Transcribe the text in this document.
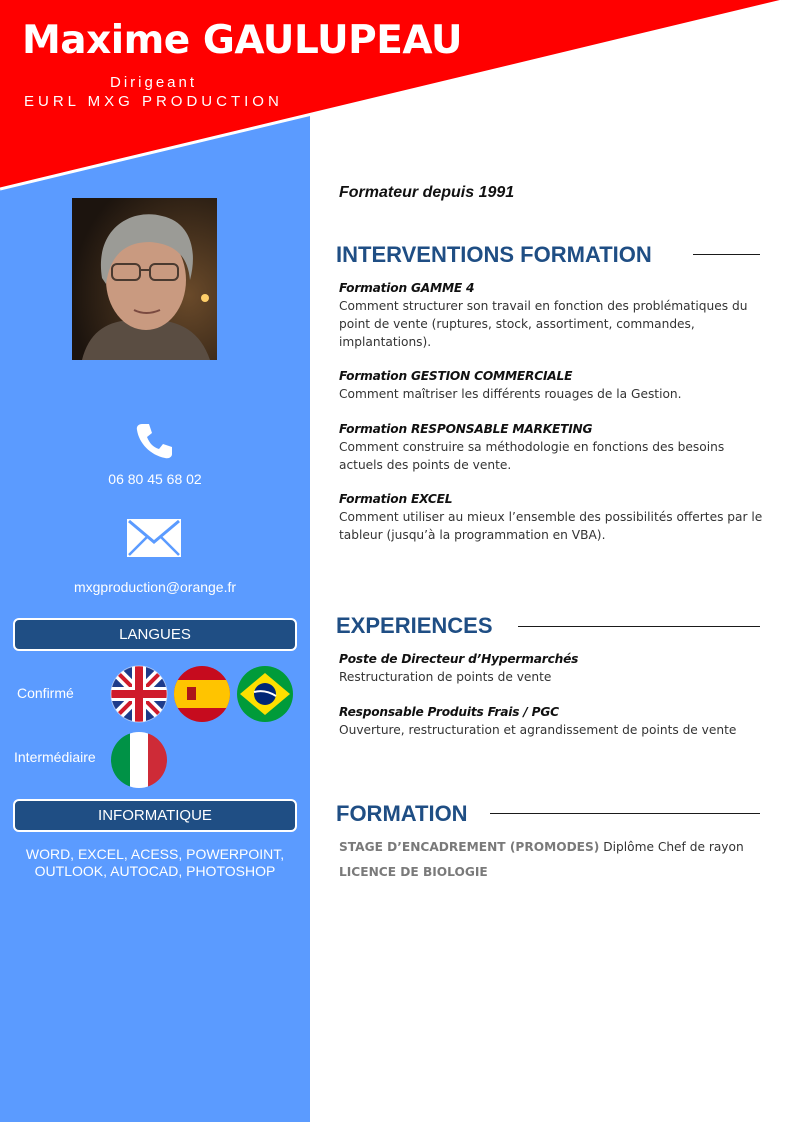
Maxime GAULUPEAU
Dirigeant
EURL MXG PRODUCTION
06 80 45 68 02
mxgproduction@orange.fr
LANGUES
Confirmé
Intermédiaire
INFORMATIQUE
WORD, EXCEL, ACESS, POWERPOINT,
OUTLOOK, AUTOCAD, PHOTOSHOP
Formateur depuis 1991
INTERVENTIONS FORMATION
Formation GAMME 4
Comment structurer son travail en fonction des problématiques du point de vente (ruptures, stock, assortiment, commandes, implantations).
Formation GESTION COMMERCIALE
Comment maîtriser les différents rouages de la Gestion.
Formation RESPONSABLE MARKETING
Comment construire sa méthodologie en fonctions des besoins actuels des points de vente.
Formation EXCEL
Comment utiliser au mieux l’ensemble des possibilités offertes par le tableur (jusqu’à la programmation en VBA).
EXPERIENCES
Poste de Directeur d’Hypermarchés
Restructuration de points de vente
Responsable Produits Frais / PGC
Ouverture, restructuration et agrandissement de points de vente
FORMATION
STAGE D’ENCADREMENT (PROMODES) Diplôme Chef de rayon
LICENCE DE BIOLOGIE
